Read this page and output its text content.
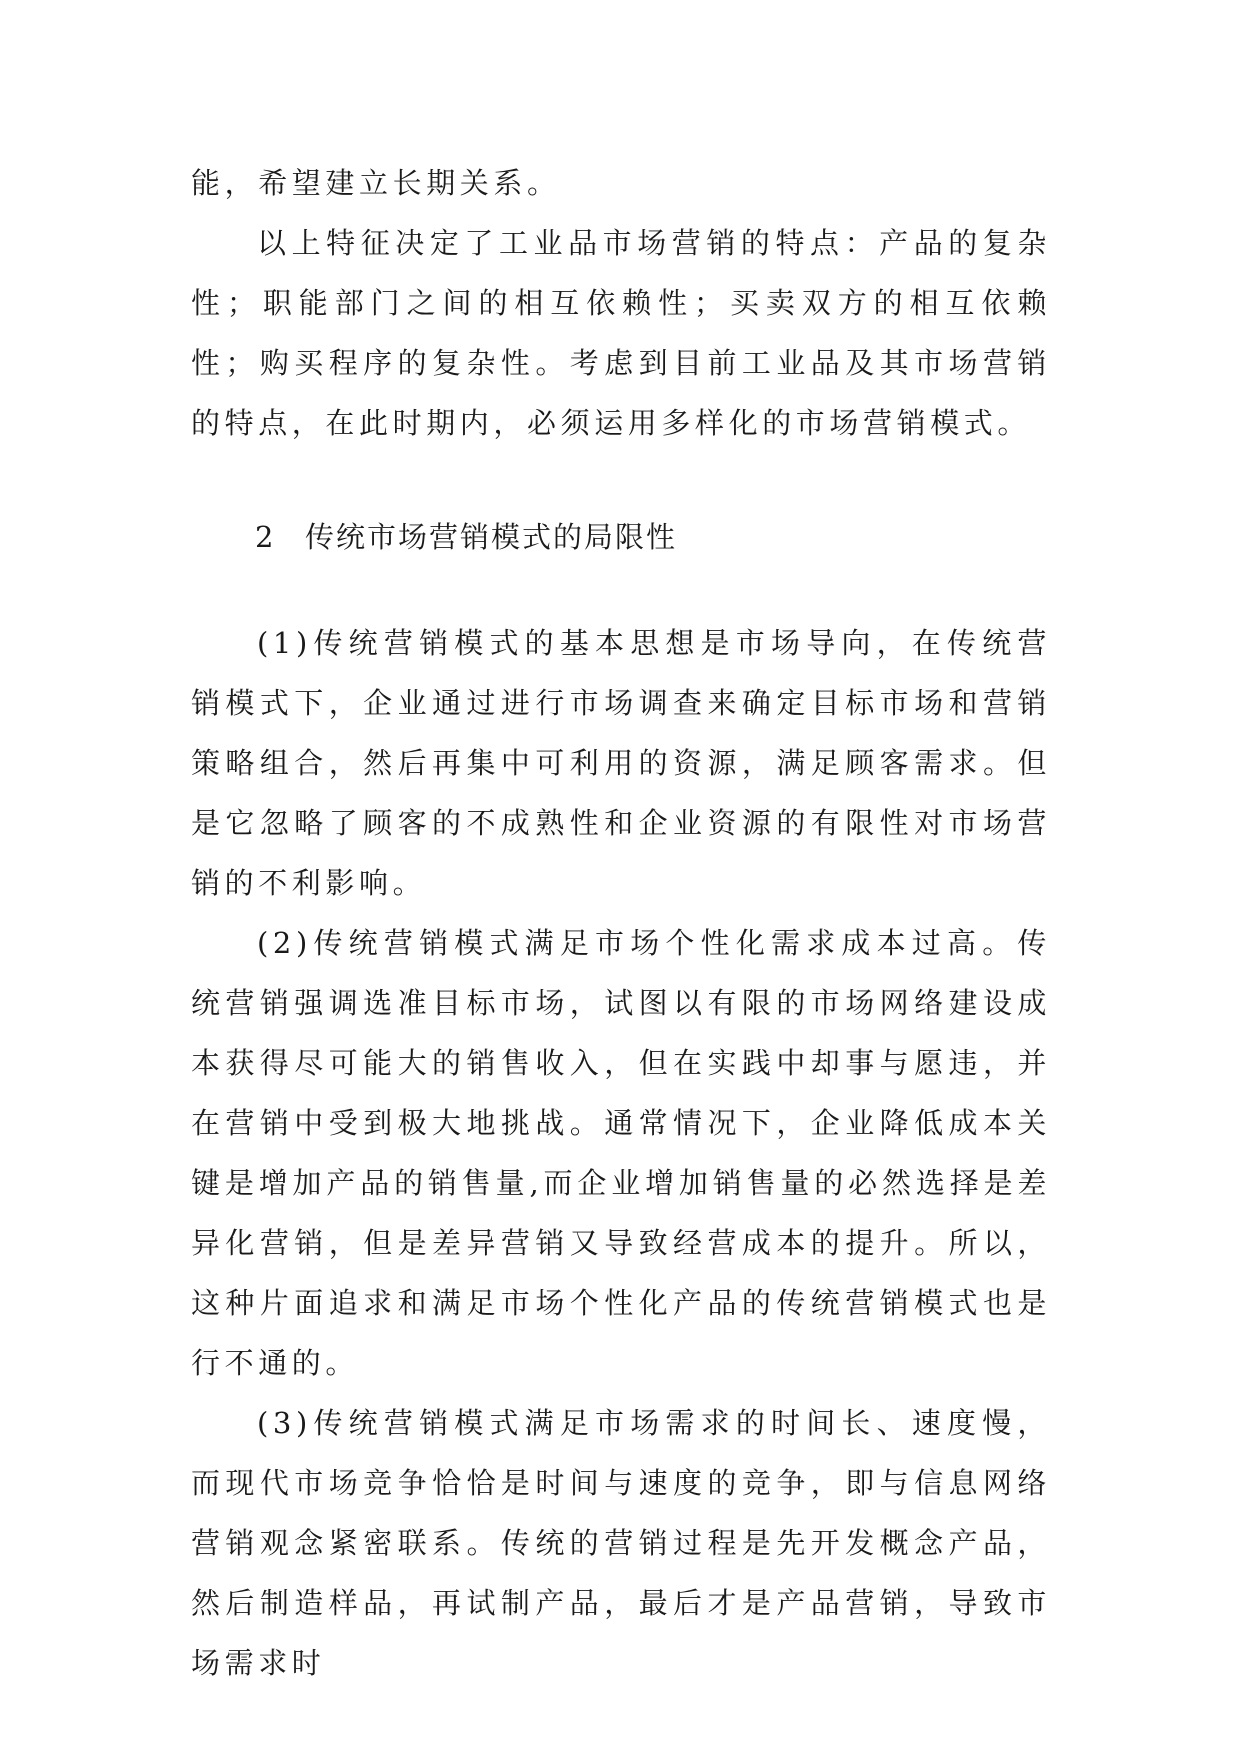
能，希望建立长期关系。

以上特征决定了工业品市场营销的特点：产品的复杂性；职能部门之间的相互依赖性；买卖双方的相互依赖性；购买程序的复杂性。考虑到目前工业品及其市场营销的特点，在此时期内，必须运用多样化的市场营销模式。

2 传统市场营销模式的局限性

(1)传统营销模式的基本思想是市场导向，在传统营销模式下，企业通过进行市场调查来确定目标市场和营销策略组合，然后再集中可利用的资源，满足顾客需求。但是它忽略了顾客的不成熟性和企业资源的有限性对市场营销的不利影响。

(2)传统营销模式满足市场个性化需求成本过高。传统营销强调选准目标市场，试图以有限的市场网络建设成本获得尽可能大的销售收入，但在实践中却事与愿违，并在营销中受到极大地挑战。通常情况下，企业降低成本关键是增加产品的销售量,而企业增加销售量的必然选择是差异化营销，但是差异营销又导致经营成本的提升。所以，这种片面追求和满足市场个性化产品的传统营销模式也是行不通的。

(3)传统营销模式满足市场需求的时间长、速度慢，而现代市场竞争恰恰是时间与速度的竞争，即与信息网络营销观念紧密联系。传统的营销过程是先开发概念产品，然后制造样品，再试制产品，最后才是产品营销，导致市场需求时
